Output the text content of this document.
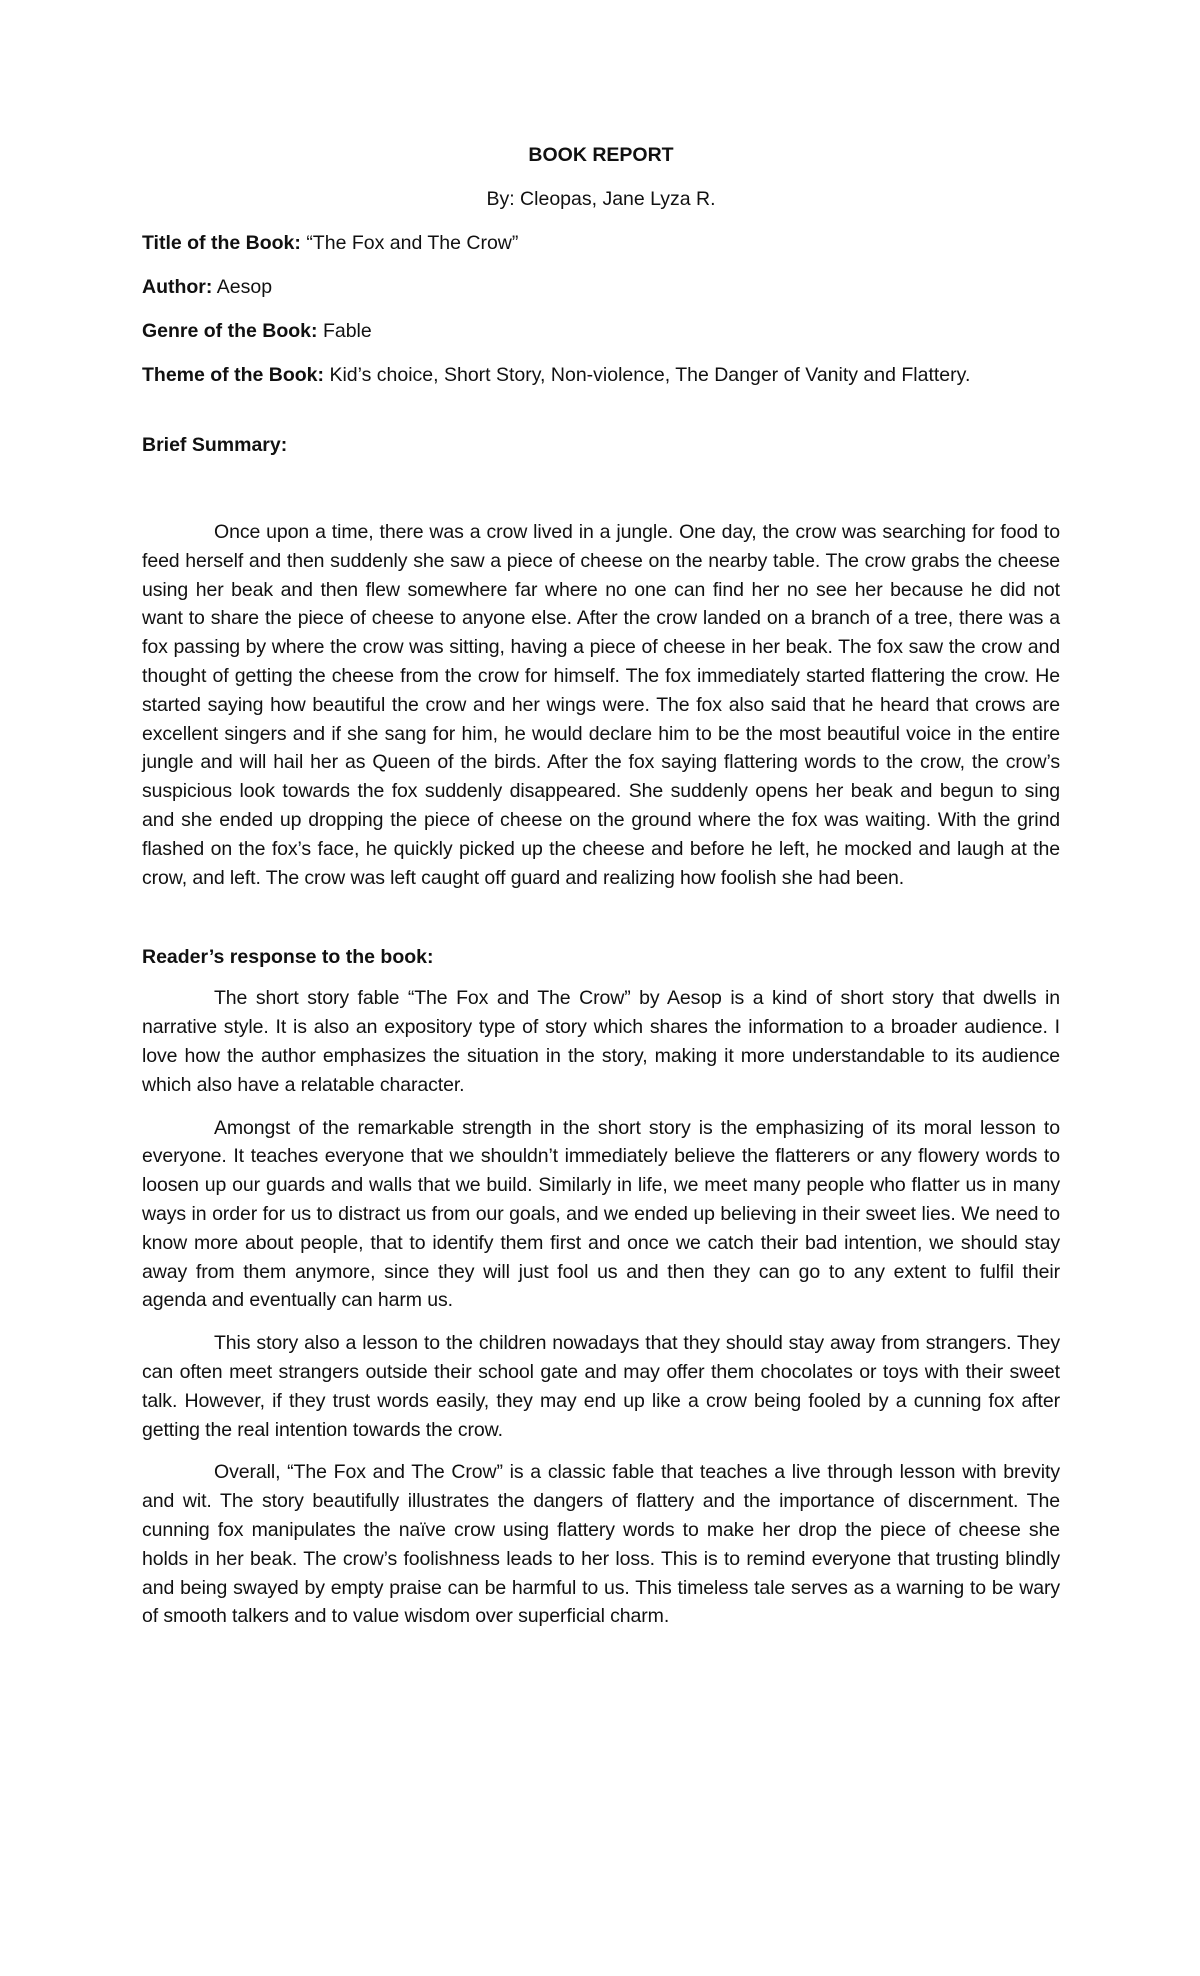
BOOK REPORT

By: Cleopas, Jane Lyza R.

Title of the Book: “The Fox and The Crow”

Author: Aesop

Genre of the Book: Fable

Theme of the Book: Kid’s choice, Short Story, Non-violence, The Danger of Vanity and Flattery.

Brief Summary:

Once upon a time, there was a crow lived in a jungle. One day, the crow was searching for food to feed herself and then suddenly she saw a piece of cheese on the nearby table. The crow grabs the cheese using her beak and then flew somewhere far where no one can find her no see her because he did not want to share the piece of cheese to anyone else. After the crow landed on a branch of a tree, there was a fox passing by where the crow was sitting, having a piece of cheese in her beak. The fox saw the crow and thought of getting the cheese from the crow for himself. The fox immediately started flattering the crow. He started saying how beautiful the crow and her wings were. The fox also said that he heard that crows are excellent singers and if she sang for him, he would declare him to be the most beautiful voice in the entire jungle and will hail her as Queen of the birds. After the fox saying flattering words to the crow, the crow’s suspicious look towards the fox suddenly disappeared. She suddenly opens her beak and begun to sing and she ended up dropping the piece of cheese on the ground where the fox was waiting. With the grind flashed on the fox’s face, he quickly picked up the cheese and before he left, he mocked and laugh at the crow, and left. The crow was left caught off guard and realizing how foolish she had been.

Reader’s response to the book:

The short story fable “The Fox and The Crow” by Aesop is a kind of short story that dwells in narrative style. It is also an expository type of story which shares the information to a broader audience. I love how the author emphasizes the situation in the story, making it more understandable to its audience which also have a relatable character.

Amongst of the remarkable strength in the short story is the emphasizing of its moral lesson to everyone. It teaches everyone that we shouldn’t immediately believe the flatterers or any flowery words to loosen up our guards and walls that we build. Similarly in life, we meet many people who flatter us in many ways in order for us to distract us from our goals, and we ended up believing in their sweet lies. We need to know more about people, that to identify them first and once we catch their bad intention, we should stay away from them anymore, since they will just fool us and then they can go to any extent to fulfil their agenda and eventually can harm us.

This story also a lesson to the children nowadays that they should stay away from strangers. They can often meet strangers outside their school gate and may offer them chocolates or toys with their sweet talk. However, if they trust words easily, they may end up like a crow being fooled by a cunning fox after getting the real intention towards the crow.

Overall, “The Fox and The Crow” is a classic fable that teaches a live through lesson with brevity and wit. The story beautifully illustrates the dangers of flattery and the importance of discernment. The cunning fox manipulates the naïve crow using flattery words to make her drop the piece of cheese she holds in her beak. The crow’s foolishness leads to her loss. This is to remind everyone that trusting blindly and being swayed by empty praise can be harmful to us. This timeless tale serves as a warning to be wary of smooth talkers and to value wisdom over superficial charm.
